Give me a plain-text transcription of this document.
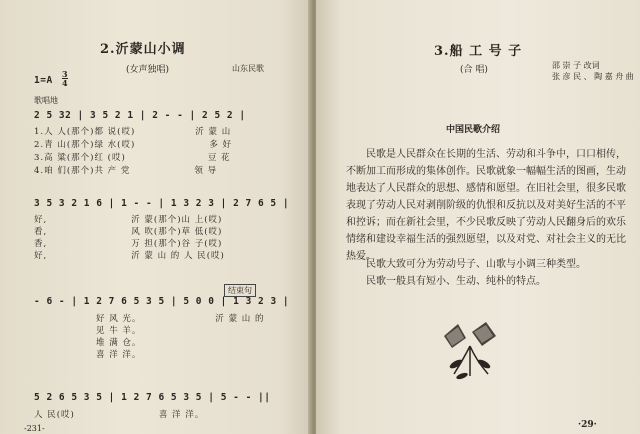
2.沂蒙山小调
(女声独唱)	山东民歌
1=A
3
4
歌唱地
2 5 32 | 3 5 2 1 | 2 - - | 2 5 2 |
1.人 人(那个)都 说(哎)	沂 蒙 山
2.青 山(那个)绿 水(哎)	多 好
3.高 粱(那个)红 (哎)	豆 花
4.咱 们(那个)共 产 党	领 导
3 5 3 2 1 6 | 1 - - | 1 3 2 3 | 2 7 6 5 |
好,	沂 蒙(那个)山 上(哎)
看,	风 吹(那个)草 低(哎)
香,	万 担(那个)谷 子(哎)
好,	沂 蒙 山 的 人 民(哎)
结束句
- 6 - | 1 2 7 6 5 3 5 | 5 0 0 | 1 3 2 3 |
好 风 光。	沂 蒙 山 的
见 牛 羊。
堆 满 仓。
喜 洋 洋。
5 2 6 5 3 5 | 1 2 7 6 5 3 5 | 5 - - ||
人 民(哎)	喜 洋 洋。
-231-
3.船 工 号 子
(合 唱)	邵 崇 子 改词
张 彦 民 、 陶 嘉 舟 曲
中国民歌介绍
民歌是人民群众在长期的生活、劳动和斗争中，口口相传，不断加工而形成的集体创作。民歌就象一幅幅生活的图画，生动地表达了人民群众的思想、感情和愿望。在旧社会里，很多民歌表现了劳动人民对剥削阶级的仇恨和反抗以及对美好生活的不平和控诉；而在新社会里，不少民歌反映了劳动人民翻身后的欢乐情绪和建设幸福生活的强烈愿望，以及对党、对社会主义的无比热爱。
民歌大致可分为劳动号子、山歌与小调三种类型。
民歌一般具有短小、生动、纯朴的特点。
·29·
